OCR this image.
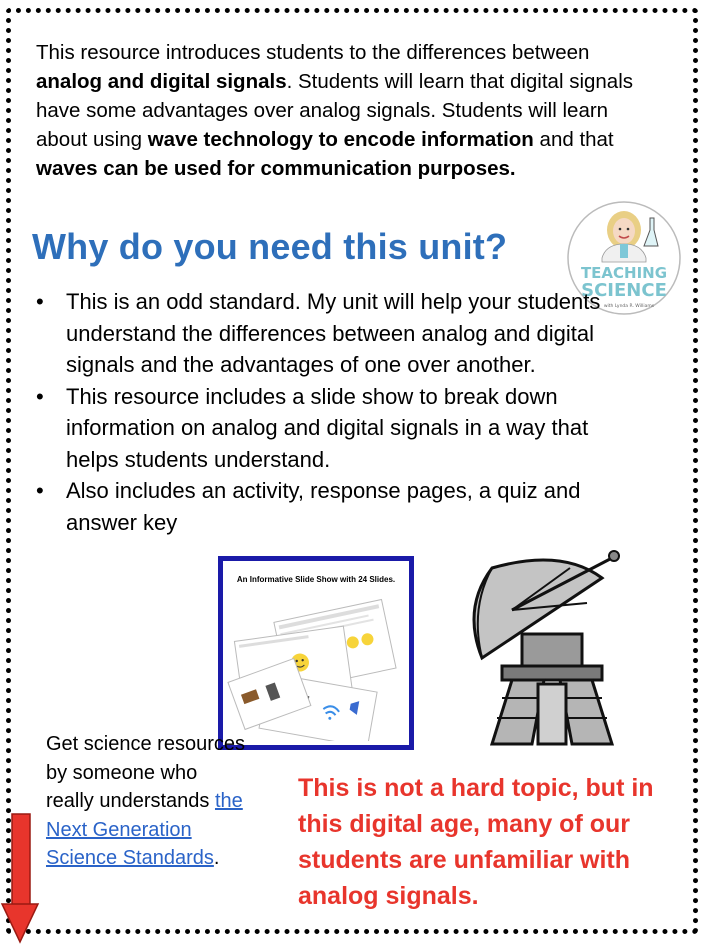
This resource introduces students to the differences between analog and digital signals. Students will learn that digital signals have some advantages over analog signals. Students will learn about using wave technology to encode information and that waves can be used for communication purposes.
Why do you need this unit?
TEACHING
SCIENCE
with Lynda R. Williams
• This is an odd standard. My unit will help your students understand the differences between analog and digital signals and the advantages of one over another.
• This resource includes a slide show to break down information on analog and digital signals in a way that helps students understand.
• Also includes an activity, response pages, a quiz and answer key
An Informative Slide Show with 24 Slides.
Get science resources by someone who really understands the Next Generation Science Standards.
This is not a hard topic, but in this digital age, many of our students are unfamiliar with analog signals.
